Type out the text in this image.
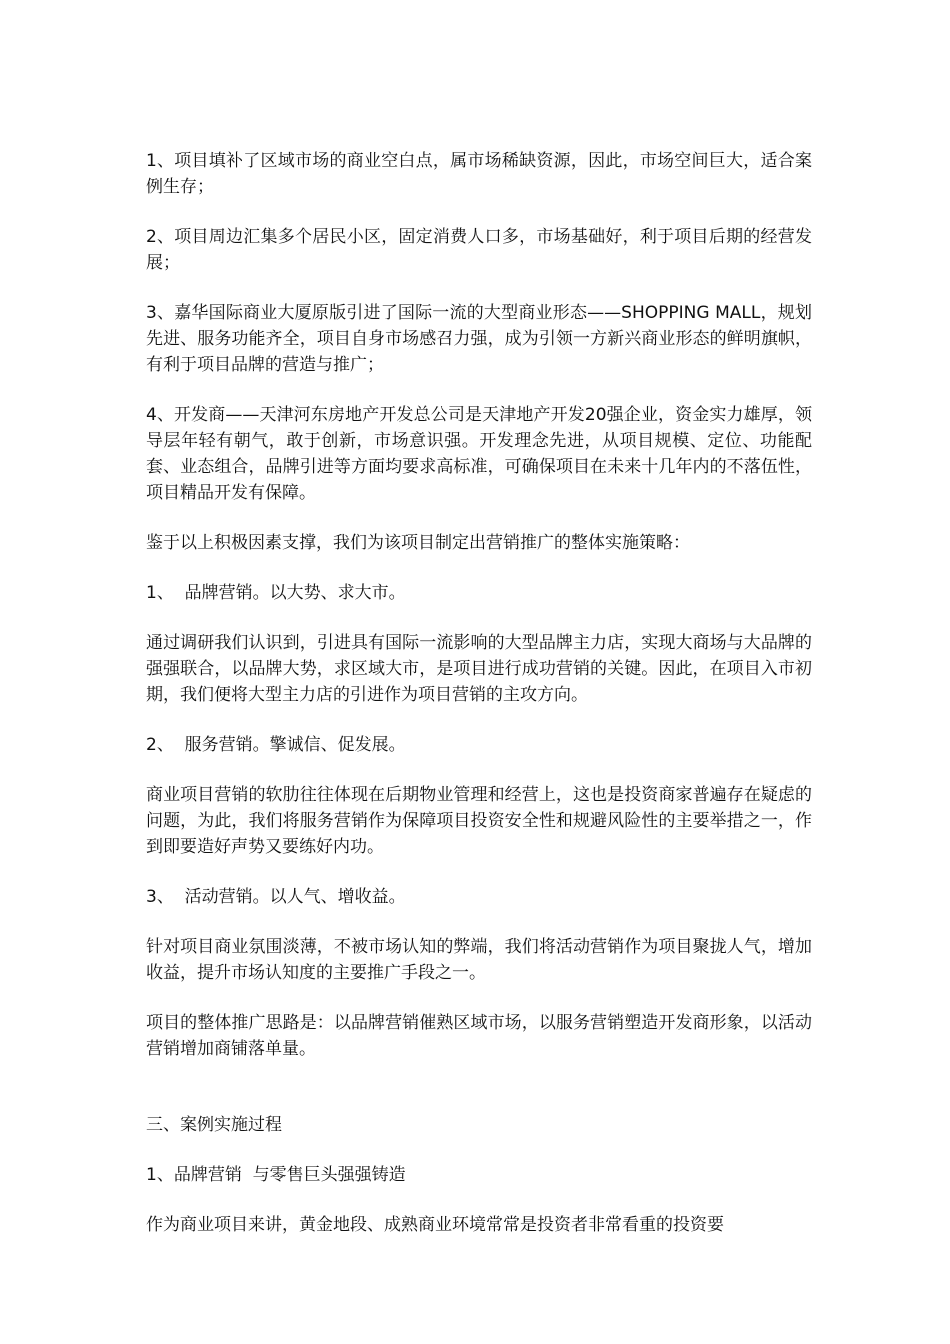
1、项目填补了区域市场的商业空白点，属市场稀缺资源，因此，市场空间巨大，适合案例生存；

2、项目周边汇集多个居民小区，固定消费人口多，市场基础好，利于项目后期的经营发展；

3、嘉华国际商业大厦原版引进了国际一流的大型商业形态——SHOPPING MALL，规划先进、服务功能齐全，项目自身市场感召力强，成为引领一方新兴商业形态的鲜明旗帜，有利于项目品牌的营造与推广；

4、开发商——天津河东房地产开发总公司是天津地产开发20强企业，资金实力雄厚，领导层年轻有朝气，敢于创新，市场意识强。开发理念先进，从项目规模、定位、功能配套、业态组合，品牌引进等方面均要求高标准，可确保项目在未来十几年内的不落伍性，项目精品开发有保障。

鉴于以上积极因素支撑，我们为该项目制定出营销推广的整体实施策略：

1、  品牌营销。以大势、求大市。

通过调研我们认识到，引进具有国际一流影响的大型品牌主力店，实现大商场与大品牌的强强联合，以品牌大势，求区域大市，是项目进行成功营销的关键。因此，在项目入市初期，我们便将大型主力店的引进作为项目营销的主攻方向。

2、  服务营销。擎诚信、促发展。

商业项目营销的软肋往往体现在后期物业管理和经营上，这也是投资商家普遍存在疑虑的问题，为此，我们将服务营销作为保障项目投资安全性和规避风险性的主要举措之一，作到即要造好声势又要练好内功。

3、  活动营销。以人气、增收益。

针对项目商业氛围淡薄，不被市场认知的弊端，我们将活动营销作为项目聚拢人气，增加收益，提升市场认知度的主要推广手段之一。

项目的整体推广思路是：以品牌营销催熟区域市场，以服务营销塑造开发商形象，以活动营销增加商铺落单量。

三、案例实施过程

1、品牌营销  与零售巨头强强铸造

作为商业项目来讲，黄金地段、成熟商业环境常常是投资者非常看重的投资要
